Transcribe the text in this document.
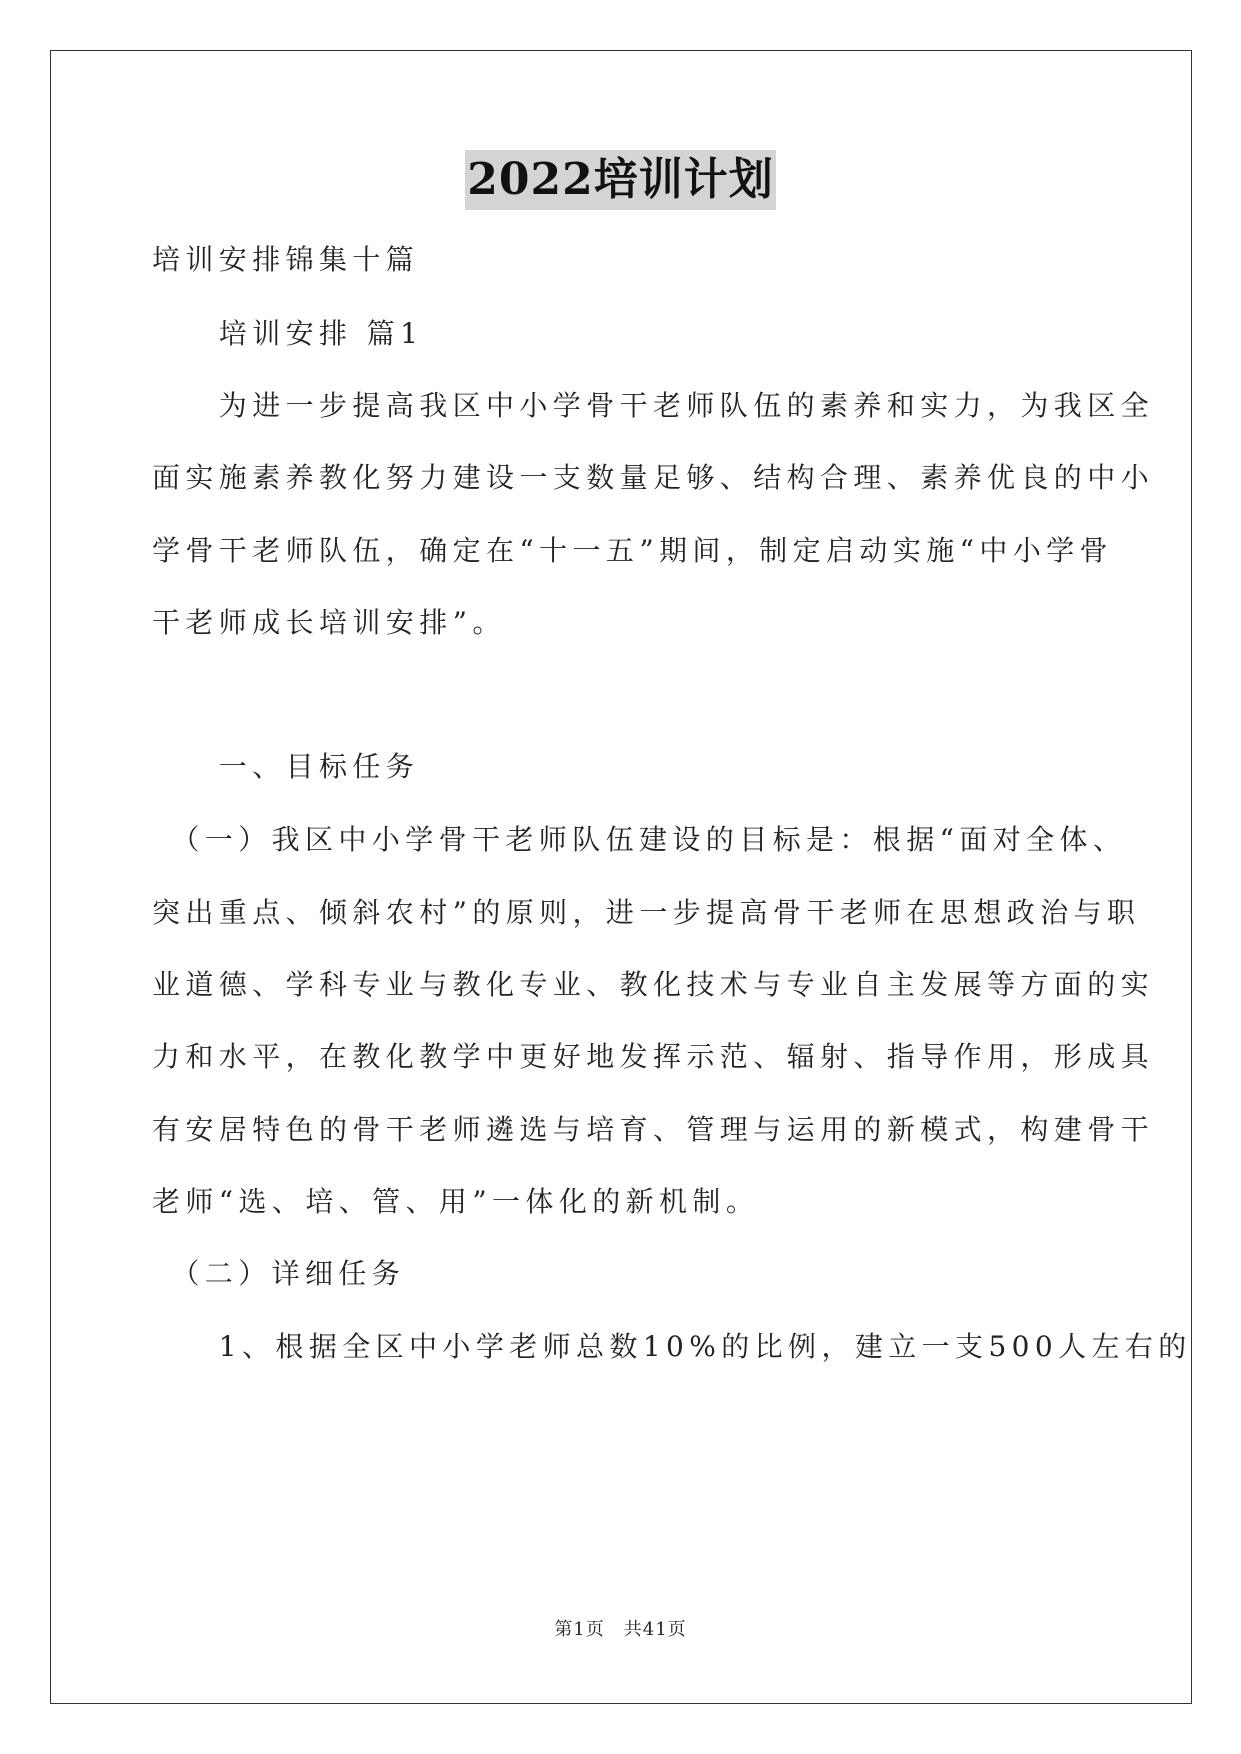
2022培训计划
培训安排锦集十篇
　　培训安排 篇1
　　为进一步提高我区中小学骨干老师队伍的素养和实力，为我区全
面实施素养教化努力建设一支数量足够、结构合理、素养优良的中小
学骨干老师队伍，确定在“十一五”期间，制定启动实施“中小学骨
干老师成长培训安排”。
　　一、目标任务
　（一）我区中小学骨干老师队伍建设的目标是：根据“面对全体、
突出重点、倾斜农村”的原则，进一步提高骨干老师在思想政治与职
业道德、学科专业与教化专业、教化技术与专业自主发展等方面的实
力和水平，在教化教学中更好地发挥示范、辐射、指导作用，形成具
有安居特色的骨干老师遴选与培育、管理与运用的新模式，构建骨干
老师“选、培、管、用”一体化的新机制。
　（二）详细任务
　　1、根据全区中小学老师总数10%的比例，建立一支500人左右的
第1页　共41页
